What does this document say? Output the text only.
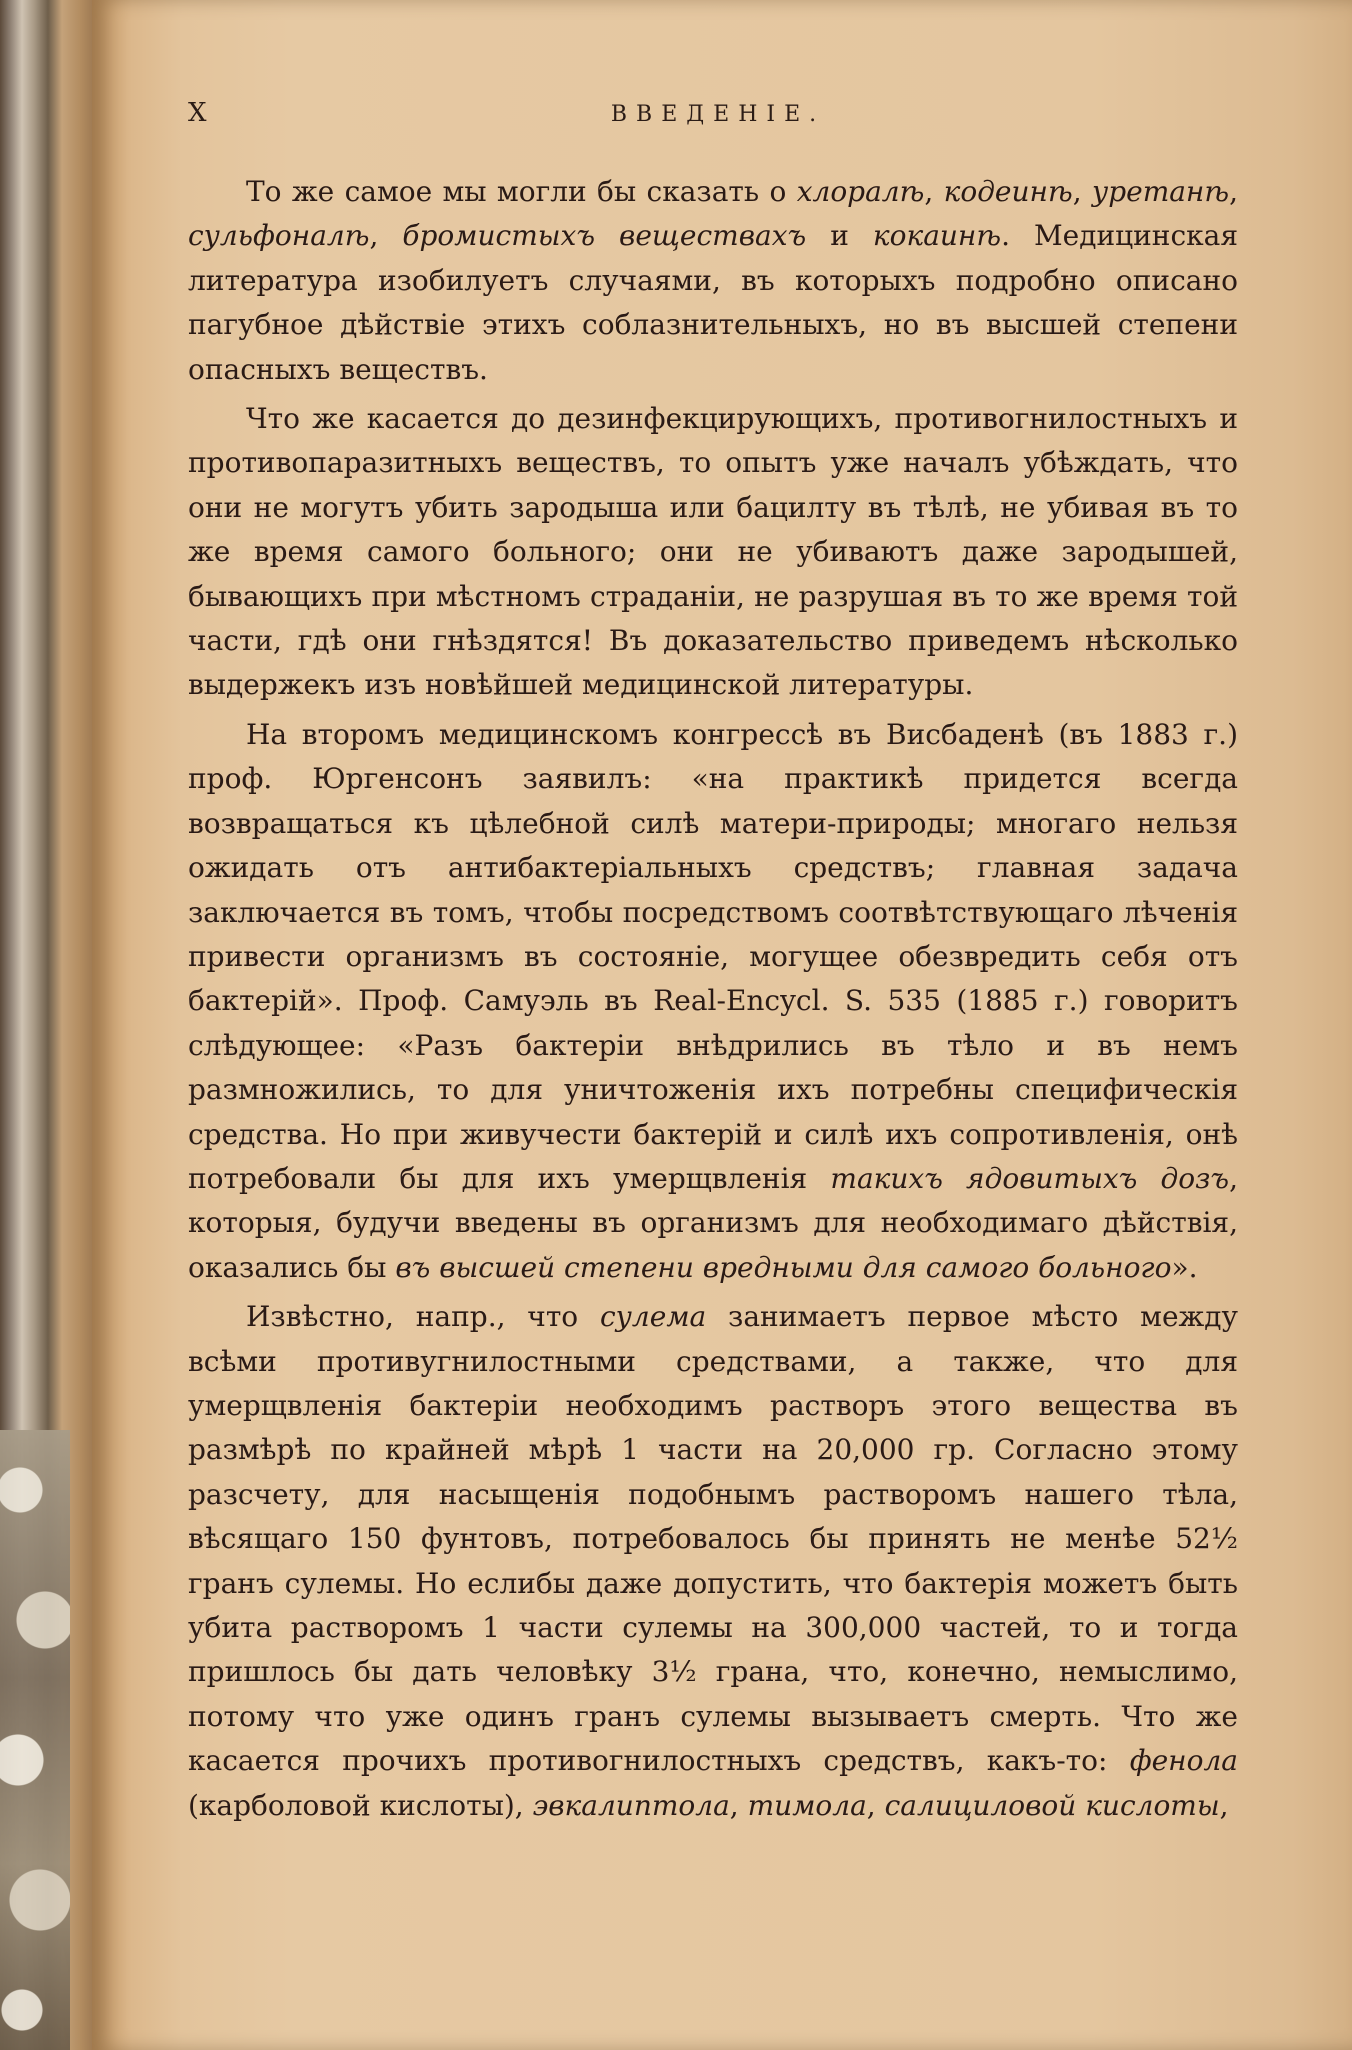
X	ВВЕДЕНІЕ.

То же самое мы могли бы сказать о хлоралѣ, кодеинѣ, уретанѣ, сульфоналѣ, бромистыхъ веществахъ и кокаинѣ. Медицинская литература изобилуетъ случаями, въ которыхъ подробно описано пагубное дѣйствіе этихъ соблазнительныхъ, но въ высшей степени опасныхъ веществъ.

Что же касается до дезинфекцирующихъ, противогнилостныхъ и противопаразитныхъ веществъ, то опытъ уже началъ убѣждать, что они не могутъ убить зародыша или бацилту въ тѣлѣ, не убивая въ то же время самого больного; они не убиваютъ даже зародышей, бывающихъ при мѣстномъ страданіи, не разрушая въ то же время той части, гдѣ они гнѣздятся! Въ доказательство приведемъ нѣсколько выдержекъ изъ новѣйшей медицинской литературы.

На второмъ медицинскомъ конгрессѣ въ Висбаденѣ (въ 1883 г.) проф. Юргенсонъ заявилъ: «на практикѣ придется всегда возвращаться къ цѣлебной силѣ матери-природы; многаго нельзя ожидать отъ антибактеріальныхъ средствъ; главная задача заключается въ томъ, чтобы посредствомъ соотвѣтствующаго лѣченія привести организмъ въ состояніе, могущее обезвредить себя отъ бактерій». Проф. Самуэль въ Real-Encycl. S. 535 (1885 г.) говоритъ слѣдующее: «Разъ бактеріи внѣдрились въ тѣло и въ немъ размножились, то для уничтоженія ихъ потребны специфическія средства. Но при живучести бактерій и силѣ ихъ сопротивленія, онѣ потребовали бы для ихъ умерщвленія такихъ ядовитыхъ дозъ, которыя, будучи введены въ организмъ для необходимаго дѣйствія, оказались бы въ высшей степени вредными для самого больного».

Извѣстно, напр., что сулема занимаетъ первое мѣсто между всѣми противугнилостными средствами, а также, что для умерщвленія бактеріи необходимъ растворъ этого вещества въ размѣрѣ по крайней мѣрѣ 1 части на 20,000 гр. Согласно этому разсчету, для насыщенія подобнымъ растворомъ нашего тѣла, вѣсящаго 150 фунтовъ, потребовалось бы принять не менѣе 52½ гранъ сулемы. Но еслибы даже допустить, что бактерія можетъ быть убита растворомъ 1 части сулемы на 300,000 частей, то и тогда пришлось бы дать человѣку 3½ грана, что, конечно, немыслимо, потому что уже одинъ гранъ сулемы вызываетъ смерть. Что же касается прочихъ противогнилостныхъ средствъ, какъ-то: фенола (карболовой кислоты), эвкалиптола, тимола, салициловой кислоты,
